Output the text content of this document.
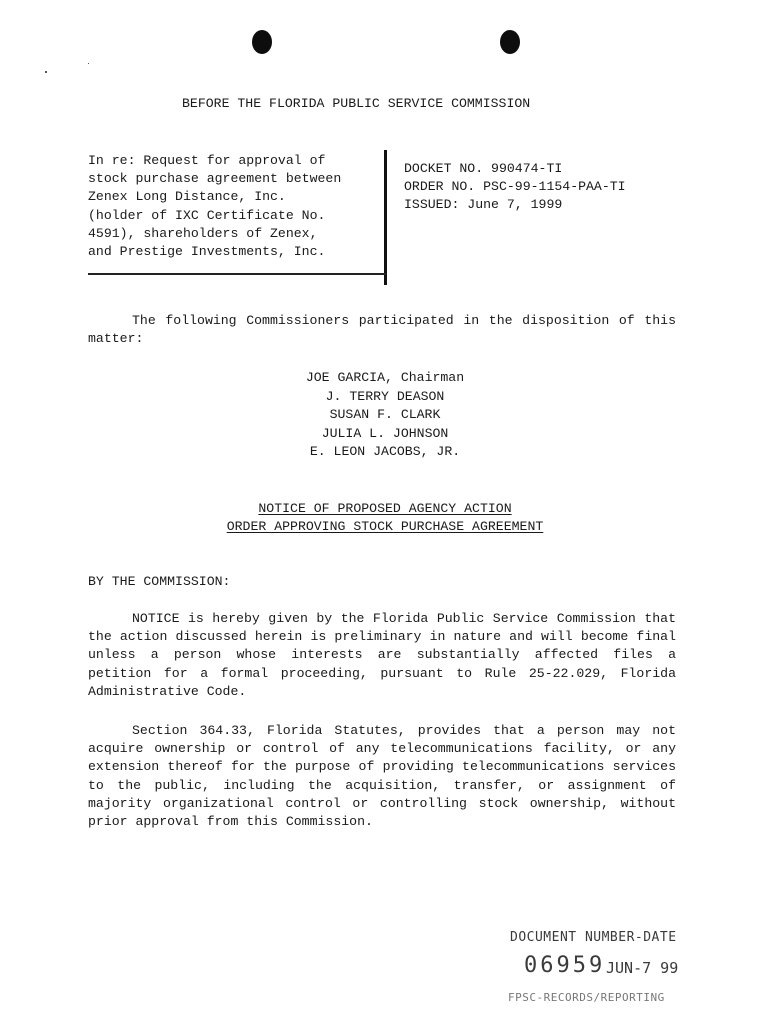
BEFORE THE FLORIDA PUBLIC SERVICE COMMISSION
In re: Request for approval of
stock purchase agreement between
Zenex Long Distance, Inc.
(holder of IXC Certificate No.
4591), shareholders of Zenex,
and Prestige Investments, Inc.
DOCKET NO. 990474-TI
ORDER NO. PSC-99-1154-PAA-TI
ISSUED: June 7, 1999
The following Commissioners participated in the disposition of this matter:
JOE GARCIA, Chairman
J. TERRY DEASON
SUSAN F. CLARK
JULIA L. JOHNSON
E. LEON JACOBS, JR.
NOTICE OF PROPOSED AGENCY ACTION
ORDER APPROVING STOCK PURCHASE AGREEMENT
BY THE COMMISSION:
NOTICE is hereby given by the Florida Public Service Commission that the action discussed herein is preliminary in nature and will become final unless a person whose interests are substantially affected files a petition for a formal proceeding, pursuant to Rule 25-22.029, Florida Administrative Code.
Section 364.33, Florida Statutes, provides that a person may not acquire ownership or control of any telecommunications facility, or any extension thereof for the purpose of providing telecommunications services to the public, including the acquisition, transfer, or assignment of majority organizational control or controlling stock ownership, without prior approval from this Commission.
DOCUMENT NUMBER-DATE
06959 JUN-7 99
FPSC-RECORDS/REPORTING
